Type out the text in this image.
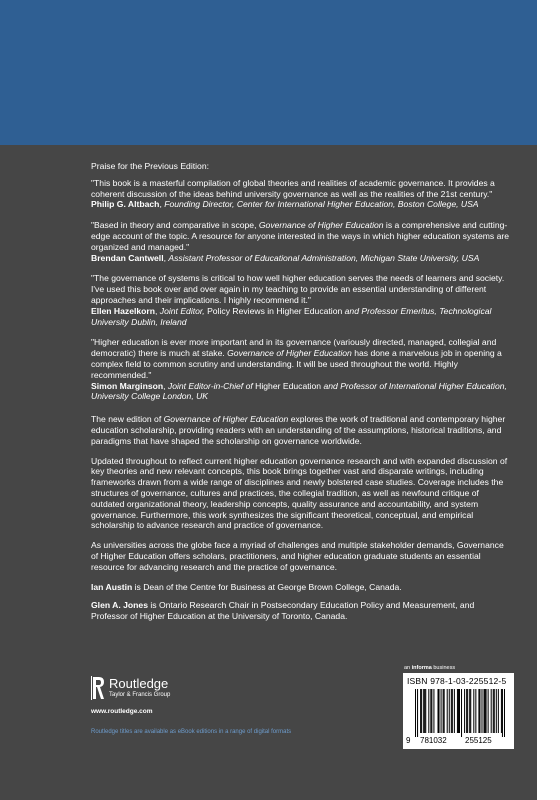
Praise for the Previous Edition:

"This book is a masterful compilation of global theories and realities of academic governance. It provides a coherent discussion of the ideas behind university governance as well as the realities of the 21st century."
Philip G. Altbach, Founding Director, Center for International Higher Education, Boston College, USA
"Based in theory and comparative in scope, Governance of Higher Education is a comprehensive and cutting-edge account of the topic. A resource for anyone interested in the ways in which higher education systems are organized and managed."
Brendan Cantwell, Assistant Professor of Educational Administration, Michigan State University, USA
"The governance of systems is critical to how well higher education serves the needs of learners and society. I've used this book over and over again in my teaching to provide an essential understanding of different approaches and their implications. I highly recommend it."
Ellen Hazelkorn, Joint Editor, Policy Reviews in Higher Education and Professor Emeritus, Technological University Dublin, Ireland
"Higher education is ever more important and in its governance (variously directed, managed, collegial and democratic) there is much at stake. Governance of Higher Education has done a marvelous job in opening a complex field to common scrutiny and understanding. It will be used throughout the world. Highly recommended."
Simon Marginson, Joint Editor-in-Chief of Higher Education and Professor of International Higher Education, University College London, UK

The new edition of Governance of Higher Education explores the work of traditional and contemporary higher education scholarship, providing readers with an understanding of the assumptions, historical traditions, and paradigms that have shaped the scholarship on governance worldwide.

Updated throughout to reflect current higher education governance research and with expanded discussion of key theories and new relevant concepts, this book brings together vast and disparate writings, including frameworks drawn from a wide range of disciplines and newly bolstered case studies. Coverage includes the structures of governance, cultures and practices, the collegial tradition, as well as newfound critique of outdated organizational theory, leadership concepts, quality assurance and accountability, and system governance. Furthermore, this work synthesizes the significant theoretical, conceptual, and empirical scholarship to advance research and practice of governance.

As universities across the globe face a myriad of challenges and multiple stakeholder demands, Governance of Higher Education offers scholars, practitioners, and higher education graduate students an essential resource for advancing research and the practice of governance.

Ian Austin is Dean of the Centre for Business at George Brown College, Canada.

Glen A. Jones is Ontario Research Chair in Postsecondary Education Policy and Measurement, and Professor of Higher Education at the University of Toronto, Canada.

Routledge
Taylor & Francis Group
www.routledge.com
Routledge titles are available as eBook editions in a range of digital formats
an informa business
ISBN 978-1-03-225512-5
9 781032 255125
